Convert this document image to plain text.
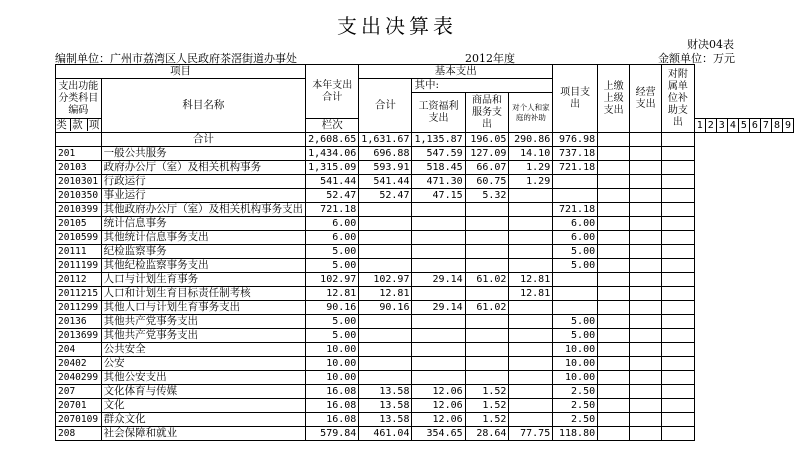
支出决算表
财决04表
编制单位：广州市荔湾区人民政府茶滘街道办事处	2012年度	金额单位：万元
项目		本年支出合计	基本支出				项目支出	上缴上级支出	经营支出	对附属单位补助支出									
支出功能分类科目编码	科目名称		合计	其中:															
				工资福利支出	商品和服务支出	对个人和家庭的补助													
类 款 项		栏次									1	2	3	4	5	6	7	8	9
	合计	2,608.65	1,631.67	1,135.87	196.05	290.86	976.98												
201	一般公共服务	1,434.06	696.88	547.59	127.09	14.10	737.18												
20103	政府办公厅（室）及相关机构事务	1,315.09	593.91	518.45	66.07	1.29	721.18												
2010301	行政运行	541.44	541.44	471.30	60.75	1.29													
2010350	事业运行	52.47	52.47	47.15	5.32														
2010399	其他政府办公厅（室）及相关机构事务支出	721.18					721.18												
20105	统计信息事务	6.00					6.00												
2010599	其他统计信息事务支出	6.00					6.00												
20111	纪检监察事务	5.00					5.00												
2011199	其他纪检监察事务支出	5.00					5.00												
20112	人口与计划生育事务	102.97	102.97	29.14	61.02	12.81													
2011215	人口和计划生育目标责任制考核	12.81	12.81			12.81													
2011299	其他人口与计划生育事务支出	90.16	90.16	29.14	61.02														
20136	其他共产党事务支出	5.00					5.00												
2013699	其他共产党事务支出	5.00					5.00												
204	公共安全	10.00					10.00												
20402	公安	10.00					10.00												
2040299	其他公安支出	10.00					10.00												
207	文化体育与传媒	16.08	13.58	12.06	1.52		2.50												
20701	文化	16.08	13.58	12.06	1.52		2.50												
2070109	群众文化	16.08	13.58	12.06	1.52		2.50												
208	社会保障和就业	579.84	461.04	354.65	28.64	77.75	118.80												
